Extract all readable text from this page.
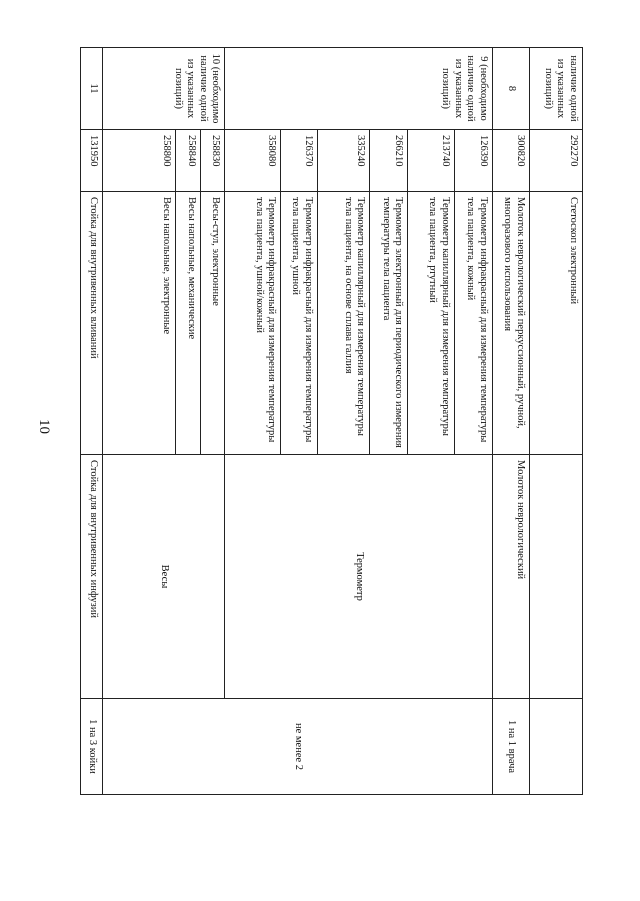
10
наличие одной из указанных позиций)	292270	Стетоскоп электронный		
8	300820	Молоток неврологический перкуссионный, ручной, многоразового использования	Молоток неврологический	1 на 1 врача
9 (необходимо наличие одной из указанных позиций)	126390	Термометр инфракрасный для измерения температуры тела пациента, кожный	Термометр	не менее 2
	213740	Термометр капиллярный для измерения температуры тела пациента, ртутный		
	266210	Термометр электронный для периодического измерения температуры тела пациента		
	335240	Термометр капиллярный для измерения температуры тела пациента, на основе сплава галлия		
	126370	Термометр инфракрасный для измерения температуры тела пациента, ушной		
	358080	Термометр инфракрасный для измерения температуры тела пациента, ушной/кожный		
10 (необходимо наличие одной из указанных позиций)	258830	Весы-стул, электронные	Весы	
	258840	Весы напольные, механические		
	258800	Весы напольные, электронные		
11	131950	Стойка для внутривенных вливаний	Стойка для внутривенных инфузий	1 на 3 койки
